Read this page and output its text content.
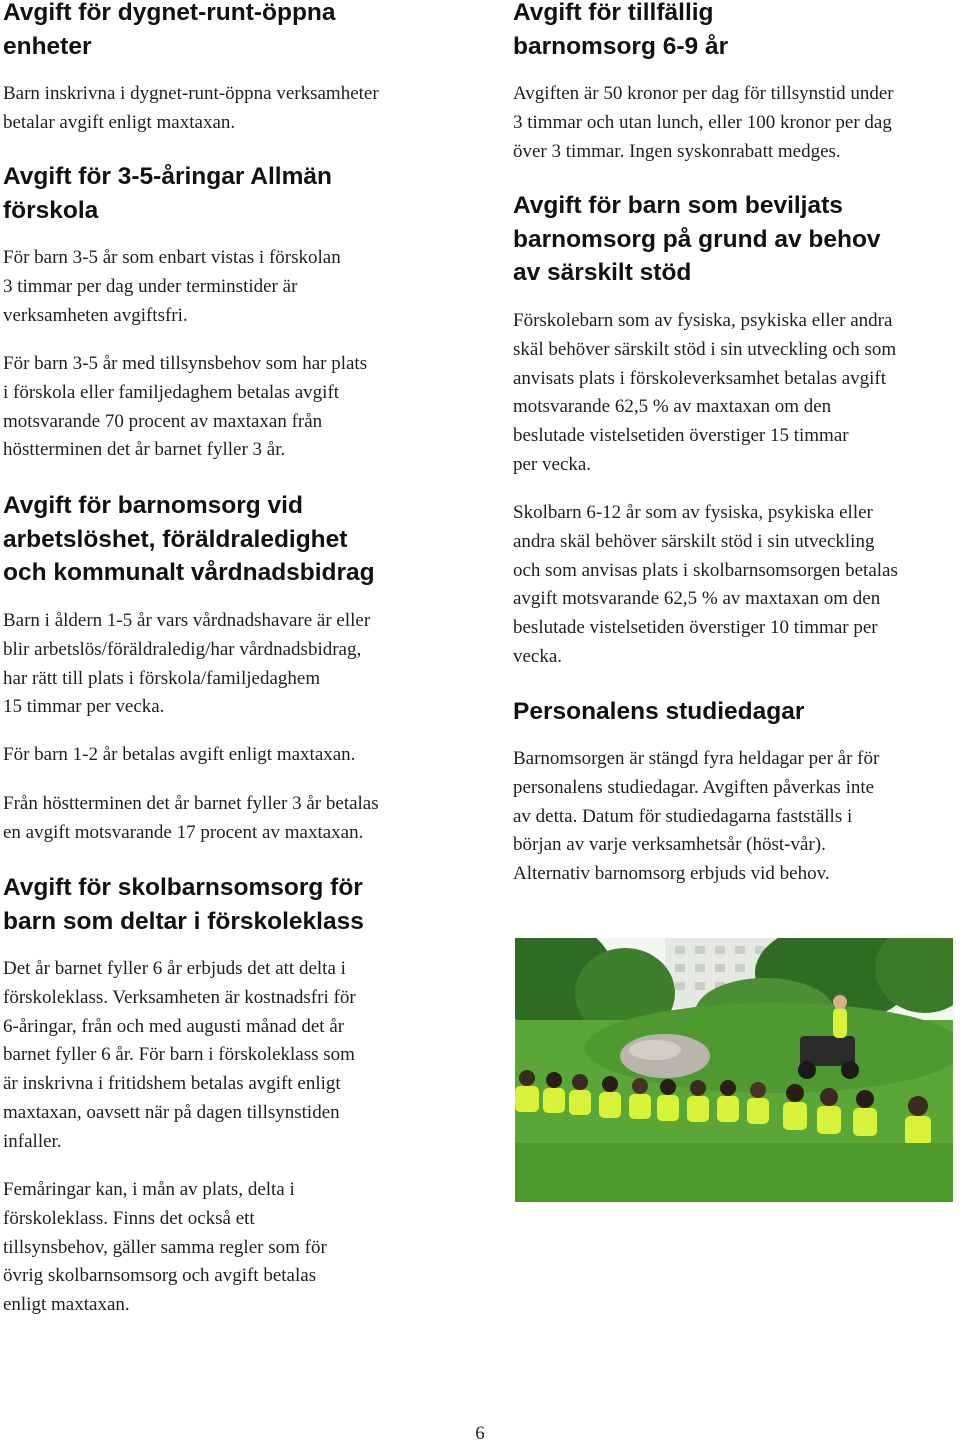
Avgift för dygnet-runt-öppna
enheter

Barn inskrivna i dygnet-runt-öppna verksamheter
betalar avgift enligt maxtaxan.

Avgift för 3-5-åringar Allmän
förskola

För barn 3-5 år som enbart vistas i förskolan
3 timmar per dag under terminstider är
verksamheten avgiftsfri.

För barn 3-5 år med tillsynsbehov som har plats
i förskola eller familjedaghem betalas avgift
motsvarande 70 procent av maxtaxan från
höstterminen det år barnet fyller 3 år.

Avgift för barnomsorg vid
arbetslöshet, föräldraledighet
och kommunalt vårdnadsbidrag

Barn i åldern 1-5 år vars vårdnadshavare är eller
blir arbetslös/föräldraledig/har vårdnadsbidrag,
har rätt till plats i förskola/familjedaghem
15 timmar per vecka.

För barn 1-2 år betalas avgift enligt maxtaxan.

Från höstterminen det år barnet fyller 3 år betalas
en avgift motsvarande 17 procent av maxtaxan.

Avgift för skolbarnsomsorg för
barn som deltar i förskoleklass

Det år barnet fyller 6 år erbjuds det att delta i
förskoleklass. Verksamheten är kostnadsfri för
6-åringar, från och med augusti månad det år
barnet fyller 6 år. För barn i förskoleklass som
är inskrivna i fritidshem betalas avgift enligt
maxtaxan, oavsett när på dagen tillsynstiden
infaller.

Femåringar kan, i mån av plats, delta i
förskoleklass. Finns det också ett
tillsynsbehov, gäller samma regler som för
övrig skolbarnsomsorg och avgift betalas
enligt maxtaxan.

Avgift för tillfällig
barnomsorg 6-9 år

Avgiften är 50 kronor per dag för tillsynstid under
3 timmar och utan lunch, eller 100 kronor per dag
över 3 timmar. Ingen syskonrabatt medges.

Avgift för barn som beviljats
barnomsorg på grund av behov
av särskilt stöd

Förskolebarn som av fysiska, psykiska eller andra
skäl behöver särskilt stöd i sin utveckling och som
anvisats plats i förskoleverksamhet betalas avgift
motsvarande 62,5 % av maxtaxan om den
beslutade vistelsetiden överstiger 15 timmar
per vecka.

Skolbarn 6-12 år som av fysiska, psykiska eller
andra skäl behöver särskilt stöd i sin utveckling
och som anvisas plats i skolbarnsomsorgen betalas
avgift motsvarande 62,5 % av maxtaxan om den
beslutade vistelsetiden överstiger 10 timmar per
vecka.

Personalens studiedagar

Barnomsorgen är stängd fyra heldagar per år för
personalens studiedagar. Avgiften påverkas inte
av detta. Datum för studiedagarna fastställs i
början av varje verksamhetsår (höst-vår).
Alternativ barnomsorg erbjuds vid behov.

6
